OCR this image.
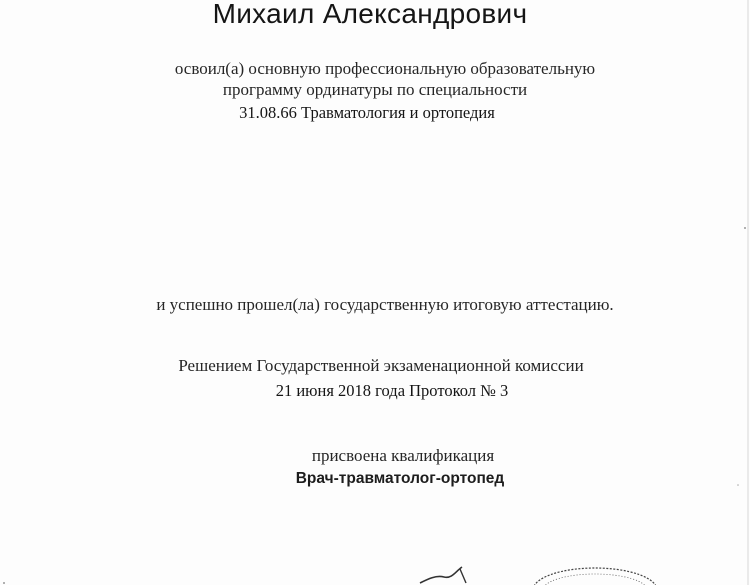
Михаил Александрович
освоил(а) основную профессиональную образовательную
программу ординатуры по специальности
31.08.66 Травматология и ортопедия
и успешно прошел(ла) государственную итоговую аттестацию.
Решением Государственной экзаменационной комиссии
21 июня 2018 года Протокол № 3
присвоена квалификация
Врач-травматолог-ортопед
